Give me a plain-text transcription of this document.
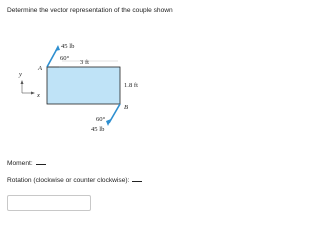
Determine the vector representation of the couple shown
45 lb
60°
3 ft
A
y
x
1.8 ft
B
60°
45 lb
Moment:
Rotation (clockwise or counter clockwise):
